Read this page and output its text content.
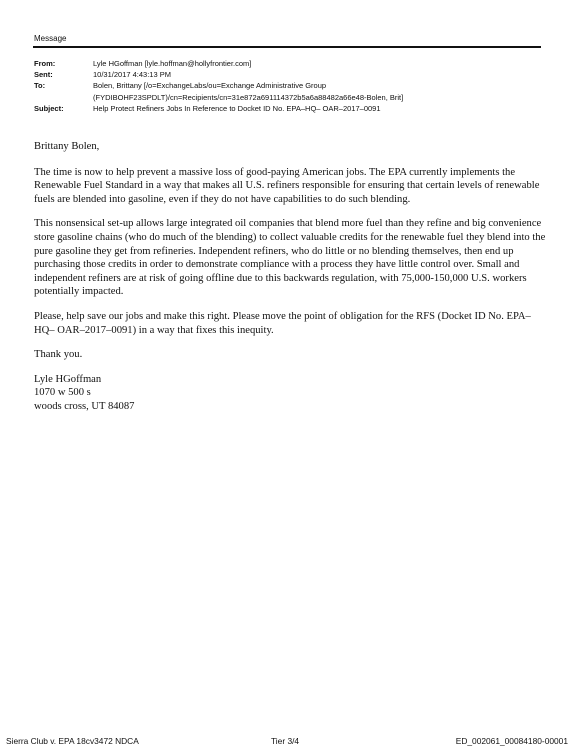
Message
From:	Lyle HGoffman [lyle.hoffman@hollyfrontier.com]
Sent:	10/31/2017 4:43:13 PM
To:	Bolen, Brittany [/o=ExchangeLabs/ou=Exchange Administrative Group
(FYDIBOHF23SPDLT)/cn=Recipients/cn=31e872a691114372b5a6a88482a66e48-Bolen, Brit]
Subject:	Help Protect Refiners Jobs In Reference to Docket ID No. EPA–HQ– OAR–2017–0091

Brittany Bolen,

The time is now to help prevent a massive loss of good-paying American jobs. The EPA currently implements the Renewable Fuel Standard in a way that makes all U.S. refiners responsible for ensuring that certain levels of renewable fuels are blended into gasoline, even if they do not have capabilities to do such blending.

This nonsensical set-up allows large integrated oil companies that blend more fuel than they refine and big convenience store gasoline chains (who do much of the blending) to collect valuable credits for the renewable fuel they blend into the pure gasoline they get from refineries. Independent refiners, who do little or no blending themselves, then end up purchasing those credits in order to demonstrate compliance with a process they have little control over. Small and independent refiners are at risk of going offline due to this backwards regulation, with 75,000-150,000 U.S. workers potentially impacted.

Please, help save our jobs and make this right. Please move the point of obligation for the RFS (Docket ID No. EPA–HQ– OAR–2017–0091) in a way that fixes this inequity.

Thank you.

Lyle HGoffman
1070 w 500 s
woods cross, UT 84087
Sierra Club v. EPA 18cv3472 NDCA	Tier 3/4	ED_002061_00084180-00001
